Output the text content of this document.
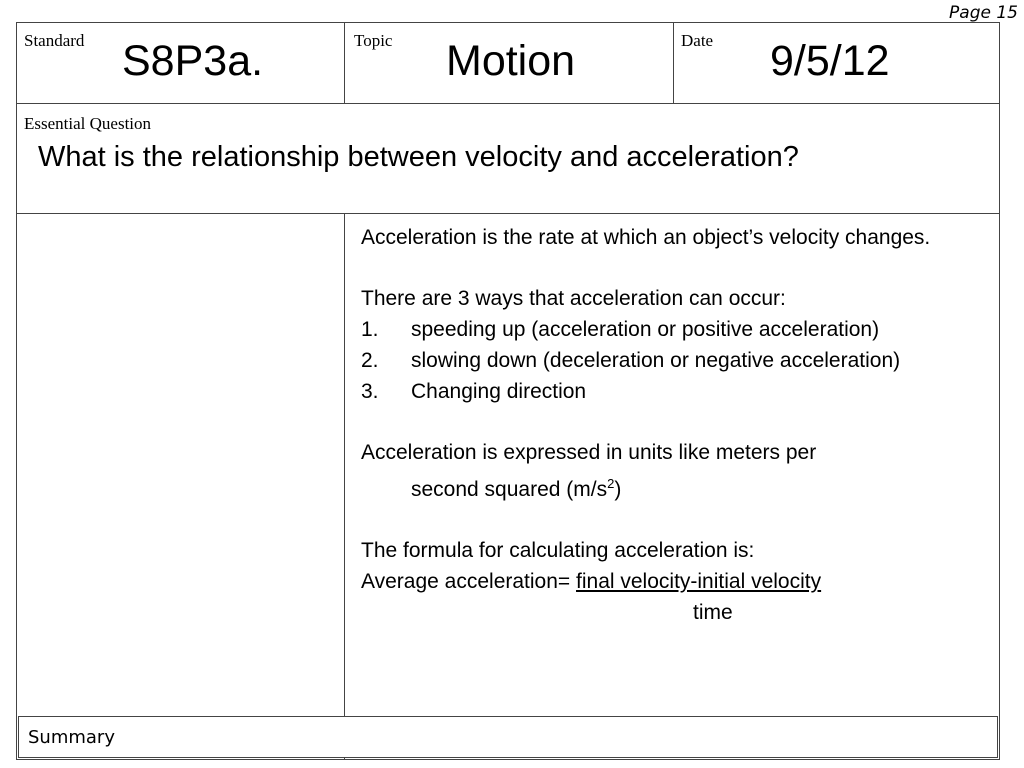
Page 15
Standard S8P3a.	Topic Motion	Date 9/5/12
Essential Question
What is the relationship between velocity and acceleration?

Acceleration is the rate at which an object’s velocity changes.

There are 3 ways that acceleration can occur:

1. speeding up (acceleration or positive acceleration)
2. slowing down (deceleration or negative acceleration)
3. Changing direction

Acceleration is expressed in units like meters per

second squared $(m/s^2)$

The formula for calculating acceleration is:

Average acceleration= final velocity-initial velocity

time

Summary
